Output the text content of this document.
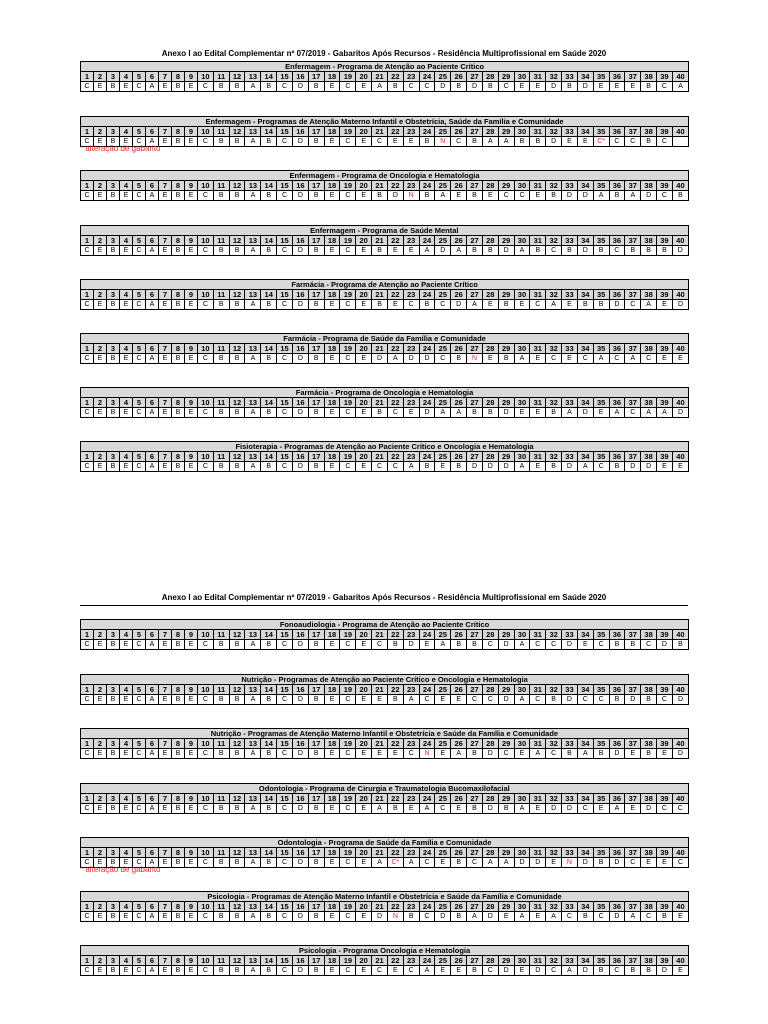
Anexo I ao Edital Complementar nº 07/2019 - Gabaritos Após Recursos - Residência Multiprofissional em Saúde 2020
Enfermagem - Programa de Atenção ao Paciente Crítico																																							
1	2	3	4	5	6	7	8	9	10	11	12	13	14	15	16	17	18	19	20	21	22	23	24	25	26	27	28	29	30	31	32	33	34	35	36	37	38	39	40
C	E	B	E	C	A	E	B	E	C	B	B	A	B	C	D	B	E	C	E	A	B	C	C	D	B	D	B	C	E	E	D	B	D	E	E	E	B	C	A
Enfermagem - Programas de Atenção Materno Infantil e Obstetrícia, Saúde da Família e Comunidade																																							
1	2	3	4	5	6	7	8	9	10	11	12	13	14	15	16	17	18	19	20	21	22	23	24	25	26	27	28	29	30	31	32	33	34	35	36	37	38	39	40
C	E	B	E	C	A	E	B	E	C	B	B	A	B	C	D	B	E	C	E	C	E	E	B	N	C	B	A	A	B	B	D	E	E	C*	C	C	B	C	
* alteração de gabarito
Enfermagem - Programa de Oncologia e Hematologia																																							
1	2	3	4	5	6	7	8	9	10	11	12	13	14	15	16	17	18	19	20	21	22	23	24	25	26	27	28	29	30	31	32	33	34	35	36	37	38	39	40
C	E	B	E	C	A	E	B	E	C	B	B	A	B	C	D	B	E	C	E	B	D	N	B	A	E	B	E	C	C	E	B	D	D	A	B	A	D	C	B
Enfermagem - Programa de Saúde Mental																																							
1	2	3	4	5	6	7	8	9	10	11	12	13	14	15	16	17	18	19	20	21	22	23	24	25	26	27	28	29	30	31	32	33	34	35	36	37	38	39	40
C	E	B	E	C	A	E	B	E	C	B	B	A	B	C	D	B	E	C	E	B	E	E	A	D	A	B	B	D	A	B	C	B	D	B	C	B	B	B	D
Farmácia - Programa de Atenção ao Paciente Crítico																																							
1	2	3	4	5	6	7	8	9	10	11	12	13	14	15	16	17	18	19	20	21	22	23	24	25	26	27	28	29	30	31	32	33	34	35	36	37	38	39	40
C	E	B	E	C	A	E	B	E	C	B	B	A	B	C	D	B	E	C	E	B	E	C	B	C	D	A	E	B	E	C	A	E	B	B	D	C	A	E	D
Farmácia - Programa de Saúde da Família e Comunidade																																							
1	2	3	4	5	6	7	8	9	10	11	12	13	14	15	16	17	18	19	20	21	22	23	24	25	26	27	28	29	30	31	32	33	34	35	36	37	38	39	40
C	E	B	E	C	A	E	B	E	C	B	B	A	B	C	D	B	E	C	E	D	A	D	D	C	B	N	E	B	A	E	C	E	C	A	C	A	C	E	E
Farmácia - Programa de Oncologia e Hematologia																																							
1	2	3	4	5	6	7	8	9	10	11	12	13	14	15	16	17	18	19	20	21	22	23	24	25	26	27	28	29	30	31	32	33	34	35	36	37	38	39	40
C	E	B	E	C	A	E	B	E	C	B	B	A	B	C	D	B	E	C	E	B	C	E	D	A	A	B	B	D	E	E	B	A	D	E	A	C	A	A	D
Fisioterapia - Programas de Atenção ao Paciente Crítico e Oncologia e Hematologia																																							
1	2	3	4	5	6	7	8	9	10	11	12	13	14	15	16	17	18	19	20	21	22	23	24	25	26	27	28	29	30	31	32	33	34	35	36	37	38	39	40
C	E	B	E	C	A	E	B	E	C	B	B	A	B	C	D	B	E	C	E	C	C	A	B	E	B	D	D	D	A	E	B	D	A	C	B	D	D	E	E
Anexo I ao Edital Complementar nº 07/2019 - Gabaritos Após Recursos - Residência Multiprofissional em Saúde 2020
Fonoaudiologia - Programa de Atenção ao Paciente Crítico																																							
1	2	3	4	5	6	7	8	9	10	11	12	13	14	15	16	17	18	19	20	21	22	23	24	25	26	27	28	29	30	31	32	33	34	35	36	37	38	39	40
C	E	B	E	C	A	E	B	E	C	B	B	A	B	C	D	B	E	C	E	C	B	D	E	A	B	B	C	D	A	C	C	D	E	C	B	B	C	D	B
Nutrição - Programas de Atenção ao Paciente Crítico e Oncologia e Hematologia																																							
1	2	3	4	5	6	7	8	9	10	11	12	13	14	15	16	17	18	19	20	21	22	23	24	25	26	27	28	29	30	31	32	33	34	35	36	37	38	39	40
C	E	B	E	C	A	E	B	E	C	B	B	A	B	C	D	B	E	C	E	E	B	A	C	E	E	C	C	D	A	C	B	D	C	C	B	D	B	C	D
Nutrição - Programas de Atenção Materno Infantil e Obstetrícia e Saúde da Família e Comunidade																																							
1	2	3	4	5	6	7	8	9	10	11	12	13	14	15	16	17	18	19	20	21	22	23	24	25	26	27	28	29	30	31	32	33	34	35	36	37	38	39	40
C	E	B	E	C	A	E	B	E	C	B	B	A	B	C	D	B	E	C	E	E	E	C	N	E	A	B	D	C	E	A	C	B	A	B	D	E	B	E	D
Odontologia - Programa de Cirurgia e Traumatologia Bucomaxilofacial																																							
1	2	3	4	5	6	7	8	9	10	11	12	13	14	15	16	17	18	19	20	21	22	23	24	25	26	27	28	29	30	31	32	33	34	35	36	37	38	39	40
C	E	B	E	C	A	E	B	E	C	B	B	A	B	C	D	B	E	C	E	A	B	E	A	C	E	B	D	B	A	E	D	D	C	E	A	E	D	C	C
Odontologia - Programa de Saúde da Família e Comunidade																																							
1	2	3	4	5	6	7	8	9	10	11	12	13	14	15	16	17	18	19	20	21	22	23	24	25	26	27	28	29	30	31	32	33	34	35	36	37	38	39	40
C	E	B	E	C	A	E	B	E	C	B	B	A	B	C	D	B	E	C	E	A	C*	A	C	E	B	C	A	A	D	D	E	N	D	B	D	C	E	E	C
* alteração de gabarito
Psicologia - Programas de Atenção Materno Infantil e Obstetrícia e Saúde da Família e Comunidade																																							
1	2	3	4	5	6	7	8	9	10	11	12	13	14	15	16	17	18	19	20	21	22	23	24	25	26	27	28	29	30	31	32	33	34	35	36	37	38	39	40
C	E	B	E	C	A	E	B	E	C	B	B	A	B	C	D	B	E	C	E	D	N	B	C	D	B	A	D	E	A	E	A	C	B	C	D	A	C	B	E
Psicologia - Programa Oncologia e Hematologia																																							
1	2	3	4	5	6	7	8	9	10	11	12	13	14	15	16	17	18	19	20	21	22	23	24	25	26	27	28	29	30	31	32	33	34	35	36	37	38	39	40
C	E	B	E	C	A	E	B	E	C	B	B	A	B	C	D	B	E	C	E	C	E	C	A	E	E	B	C	D	E	D	C	A	D	B	C	B	B	D	E
